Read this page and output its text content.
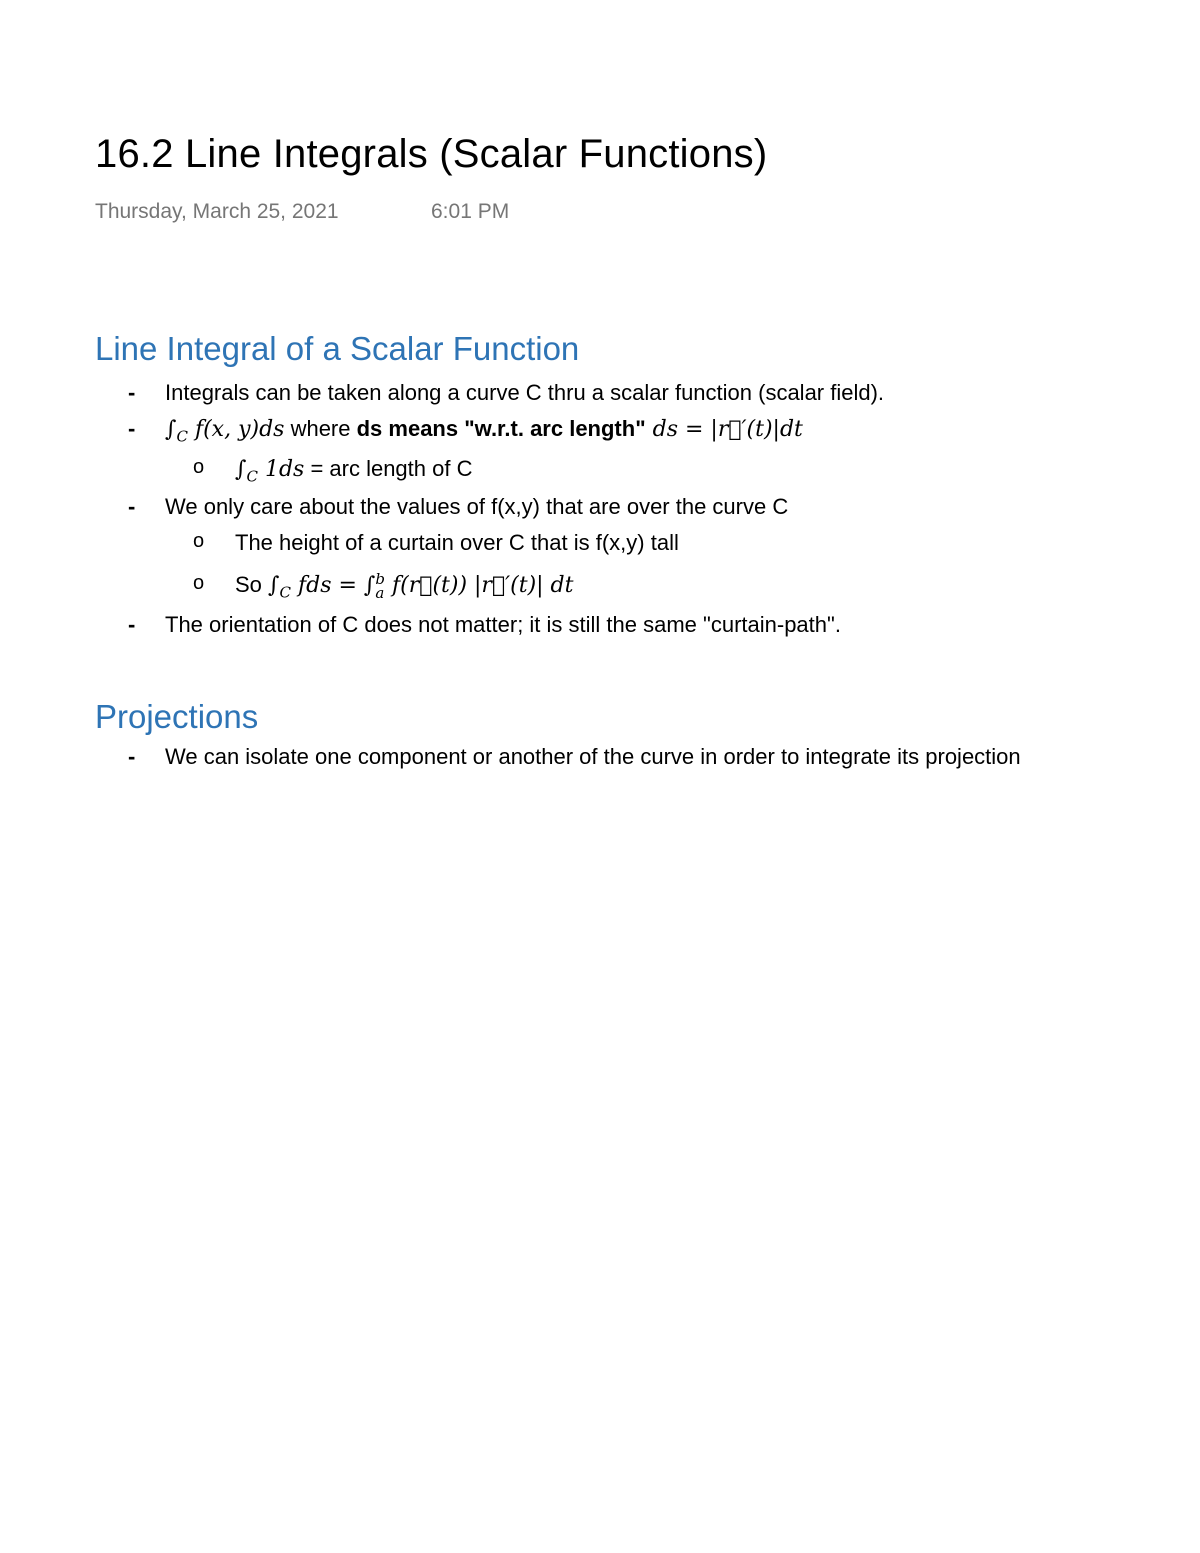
16.2 Line Integrals (Scalar Functions)
Thursday, March 25, 2021	6:01 PM
Line Integral of a Scalar Function
- Integrals can be taken along a curve C thru a scalar function (scalar field).
- $\int_C$ f(x, y)ds where ds means "w.r.t. arc length" ds = |r⃗′(t)|dt
o $\int_C$ 1ds = arc length of C
- We only care about the values of f(x,y) that are over the curve C
o The height of a curtain over C that is f(x,y) tall
o So $\int_C$ fds = ∫ b
a f(r⃗(t)) |r⃗′(t)| dt
- The orientation of C does not matter; it is still the same "curtain-path".
Projections
- We can isolate one component or another of the curve in order to integrate its projection
